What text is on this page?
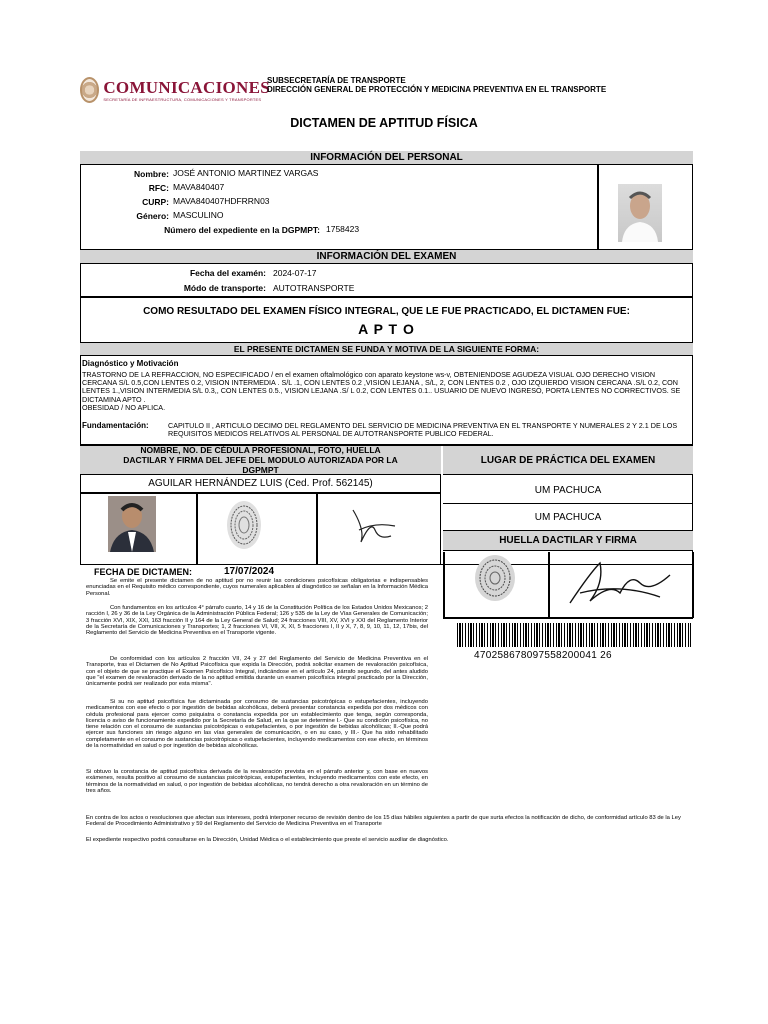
COMUNICACIONES
SECRETARÍA DE INFRAESTRUCTURA, COMUNICACIONES Y TRANSPORTES
SUBSECRETARÍA DE TRANSPORTE
DIRECCIÓN GENERAL DE PROTECCIÓN Y MEDICINA PREVENTIVA EN EL TRANSPORTE
DICTAMEN DE APTITUD FÍSICA
INFORMACIÓN DEL PERSONAL
Nombre: JOSÉ ANTONIO MARTINEZ VARGAS
RFC: MAVA840407
CURP: MAVA840407HDFRRN03
Género: MASCULINO
Número del expediente en la DGPMPT: 1758423
INFORMACIÓN DEL EXAMEN
Fecha del examén: 2024-07-17
Módo de transporte: AUTOTRANSPORTE
COMO RESULTADO DEL EXAMEN FÍSICO INTEGRAL, QUE LE FUE PRACTICADO, EL DICTAMEN FUE:
A P T O
EL PRESENTE DICTAMEN SE FUNDA Y MOTIVA DE LA SIGUIENTE FORMA:
Diagnóstico y Motivación
TRASTORNO DE LA REFRACCION, NO ESPECIFICADO / en el examen oftalmológico con aparato keystone ws-v, OBTENIENDOSE AGUDEZA VISUAL OJO DERECHO VISION CERCANA S/L 0.5,CON LENTES 0.2, VISION INTERMEDIA . S/L .1, CON LENTES 0.2 ,VISION LEJANA , S/L, 2, CON LENTES 0.2 , OJO IZQUIERDO VISION CERCANA .S/L 0.2, CON LENTES 1.,VISION INTERMEDIA S/L 0.3,, CON LENTES 0.5., VISION LEJANA .S/ L 0.2, CON LENTES 0.1.. USUARIO DE NUEVO INGRESO, PORTA LENTES NO CORRECTIVOS. SE DICTAMINA APTO .
OBESIDAD / NO APLICA.
Fundamentación:	CAPITULO II , ARTICULO DECIMO DEL REGLAMENTO DEL SERVICIO DE MEDICINA PREVENTIVA EN EL TRANSPORTE Y NUMERALES 2 Y 2.1 DE LOS REQUISITOS MEDICOS RELATIVOS AL PERSONAL DE AUTOTRANSPORTE PUBLICO FEDERAL.
NOMBRE, NO. DE CÉDULA PROFESIONAL, FOTO, HUELLA DACTILAR Y FIRMA DEL JEFE DEL MODULO AUTORIZADA POR LA DGPMPT
AGUILAR HERNÁNDEZ LUIS (Ced. Prof. 562145)
LUGAR DE PRÁCTICA DEL EXAMEN
UM PACHUCA
UM PACHUCA
HUELLA DACTILAR Y FIRMA
470258678097558200041 26
FECHA DE DICTAMEN:	17/07/2024
Se emite el presente dictamen de no aptitud por no reunir las condiciones psicofísicas obligatorias e indispensables enunciadas en el Requisito médico correspondiente, cuyos numerales aplicables al diagnóstico se señalan en la Información Médica Personal.
Con fundamentos en los artículos 4° párrafo cuarto, 14 y 16 de la Constitución Política de los Estados Unidos Mexicanos; 2 racción I, 26 y 36 de la Ley Orgánica de la Administración Pública Federal; 126 y 535 de la Ley de Vías Generales de Comunicación; 3 fracción XVI, XIX, XXI, 163 fracción II y 164 de la Ley General de Salud; 24 fracciones VIII, XV, XVI y XXI del Reglamento Interior de la Secretaría de Comunicaciones y Transportes; 1, 2 fracciones VI, VII, X, XI, 5 fracciones I, II y X, 7, 8, 9, 10, 11, 12, 17bis, del Reglamento del Servicio de Medicina Preventiva en el Transporte vigente.
De conformidad con los artículos 2 fracción VII, 24 y 27 del Reglamento del Servicio de Medicina Preventiva en el Transporte, tras el Dictamen de No Aptitud Psicofísica que expida la Dirección, podrá solicitar examen de revaloración psicofísica, con el objeto de que se practique el Examen Psicofísico Integral, indicándose en el artículo 24, párrafo segundo, del antes aludido que "el examen de revaloración derivado de la no aptitud emitida durante un examen psicofísica integral practicado por la Dirección, únicamente podrá ser realizado por esta misma".
Si su no aptitud psicofísica fue dictaminada por consumo de sustancias psicotrópicas o estupefacientes, incluyendo medicamentos con ese efecto o por ingestión de bebidas alcohólicas, deberá presentar constancia expedida por dos médicos con cédula profesional para ejercer como psiquiatra o constancia expedida por un establecimiento que tenga, según corresponda, licencia o aviso de funcionamiento expedido por la Secretaría de Salud, en la que se determine I.- Que su condición psicofísica, no tiene relación con el consumo de sustancias psicotrópicas o estupefacientes, o por ingestión de bebidas alcohólicas; II.-Que podrá ejercer sus funciones sin riesgo alguno en las vías generales de comunicación, o en su caso, y III.- Que ha sido rehabilitado completamente en el consumo de sustancias psicotrópicas o estupefacientes, incluyendo medicamentos con ese efecto, en términos de la normatividad en salud o por ingestión de bebidas alcohólicas.
Si obtuvo la constancia de aptitud psicofísica derivada de la revaloración prevista en el párrafo anterior y, con base en nuevos exámenes, resulta positivo al consumo de sustancias psicotrópicas, estupefacientes, incluyendo medicamentos con este efecto, en términos de la normatividad en salud, o por ingestión de bebidas alcohólicas, no tendrá derecho a otra revaloración en un término de tres años.
En contra de los actos o resoluciones que afectan sus intereses, podrá interponer recurso de revisión dentro de los 15 días hábiles siguientes a partir de que surta efectos la notificación de dicho, de conformidad artículo 83 de la Ley Federal de Procedimiento Administrativo y 59 del Reglamento del Servicio de Medicina Preventiva en el Transporte
El expediente respectivo podrá consultarse en la Dirección, Unidad Médica o el establecimiento que preste el servicio auxiliar de diagnóstico.
